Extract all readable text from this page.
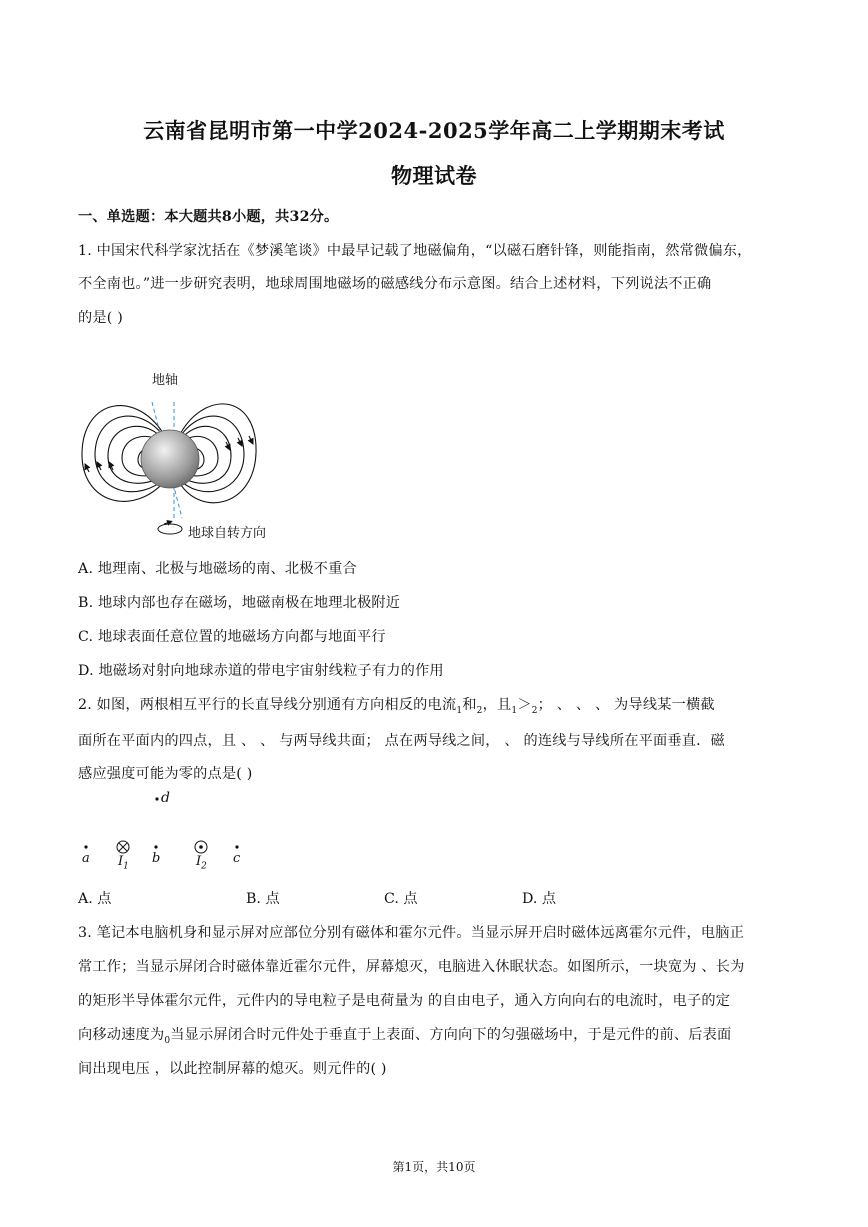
云南省昆明市第一中学2024-2025学年高二上学期期末考试
物理试卷
一、单选题：本大题共8小题，共32分。
1. 中国宋代科学家沈括在《梦溪笔谈》中最早记载了地磁偏角，“以磁石磨针锋，则能指南，然常微偏东，
不全南也。”进一步研究表明，地球周围地磁场的磁感线分布示意图。结合上述材料，下列说法不正确
的是( )
地轴
地球自转方向
A. 地理南、北极与地磁场的南、北极不重合
B. 地球内部也存在磁场，地磁南极在地理北极附近
C. 地球表面任意位置的地磁场方向都与地面平行
D. 地磁场对射向地球赤道的带电宇宙射线粒子有力的作用
2. 如图，两根相互平行的长直导线分别通有方向相反的电流$_1$和$_2$，且$_1>_2$； 、 、 、 为导线某一横截
面所在平面内的四点，且 、 、 与两导线共面； 点在两导线之间， 、 的连线与导线所在平面垂直．磁
感应强度可能为零的点是( )
d
a $I_1$
b	$I_2$
c
A. 点	B. 点	C. 点	D. 点
3. 笔记本电脑机身和显示屏对应部位分别有磁体和霍尔元件。当显示屏开启时磁体远离霍尔元件，电脑正
常工作；当显示屏闭合时磁体靠近霍尔元件，屏幕熄灭，电脑进入休眠状态。如图所示，一块宽为 、长为
的矩形半导体霍尔元件，元件内的导电粒子是电荷量为 的自由电子，通入方向向右的电流时，电子的定
向移动速度为$_0$当显示屏闭合时元件处于垂直于上表面、方向向下的匀强磁场中，于是元件的前、后表面
间出现电压 ，以此控制屏幕的熄灭。则元件的( )
第1页，共10页
